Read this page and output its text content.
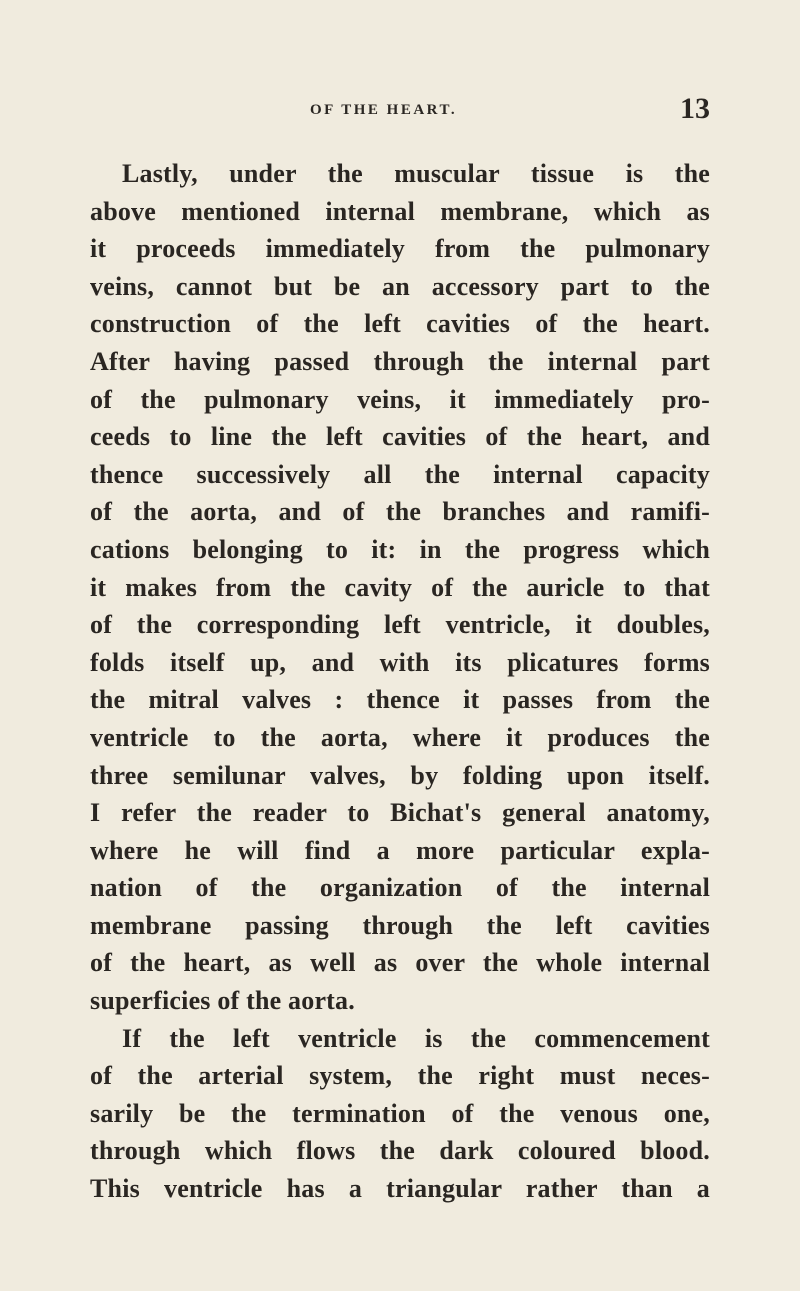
OF THE HEART.	13
Lastly, under the muscular tissue is the
above mentioned internal membrane, which as
it proceeds immediately from the pulmonary
veins, cannot but be an accessory part to the
construction of the left cavities of the heart.
After having passed through the internal part
of the pulmonary veins, it immediately pro-
ceeds to line the left cavities of the heart, and
thence successively all the internal capacity
of the aorta, and of the branches and ramifi-
cations belonging to it: in the progress which
it makes from the cavity of the auricle to that
of the corresponding left ventricle, it doubles,
folds itself up, and with its plicatures forms
the mitral valves : thence it passes from the
ventricle to the aorta, where it produces the
three semilunar valves, by folding upon itself.
I refer the reader to Bichat's general anatomy,
where he will find a more particular expla-
nation of the organization of the internal
membrane passing through the left cavities
of the heart, as well as over the whole internal
superficies of the aorta.
If the left ventricle is the commencement
of the arterial system, the right must neces-
sarily be the termination of the venous one,
through which flows the dark coloured blood.
This ventricle has a triangular rather than a
